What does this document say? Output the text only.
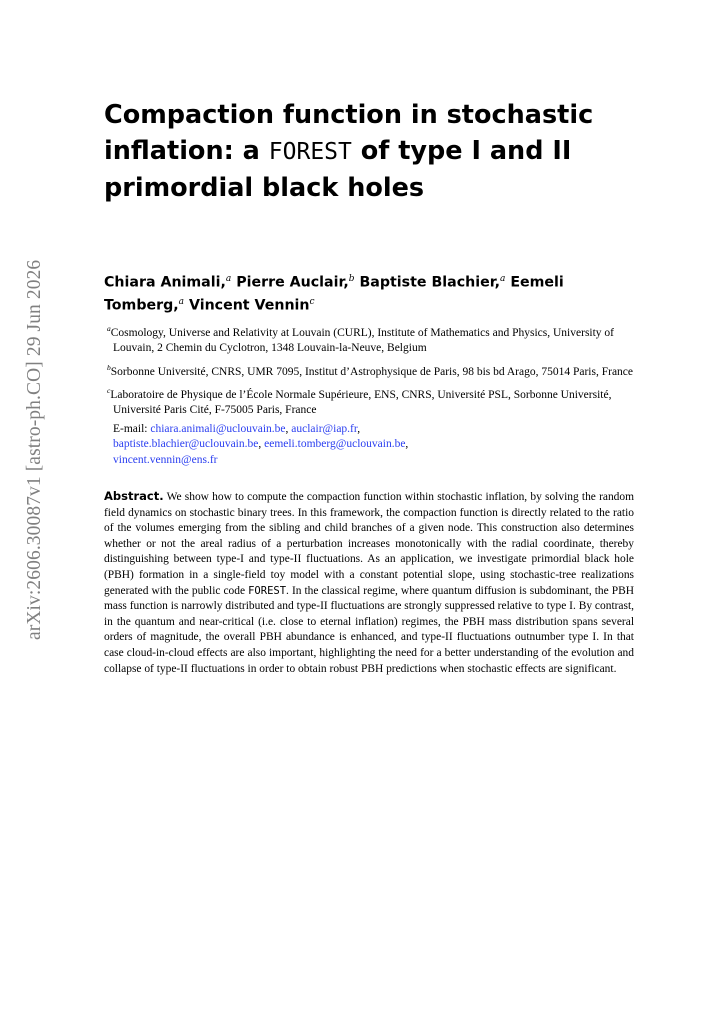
arXiv:2606.30087v1 [astro-ph.CO] 29 Jun 2026
Compaction function in stochastic inflation: a FOREST of type I and II primordial black holes
Chiara Animali,$^a$ Pierre Auclair,$^b$ Baptiste Blachier,$^a$ Eemeli Tomberg,$^a$ Vincent Vennin$^c$

$^a$Cosmology, Universe and Relativity at Louvain (CURL), Institute of Mathematics and Physics, University of Louvain, 2 Chemin du Cyclotron, 1348 Louvain-la-Neuve, Belgium

$^b$Sorbonne Université, CNRS, UMR 7095, Institut d’Astrophysique de Paris, 98 bis bd Arago, 75014 Paris, France

$^c$Laboratoire de Physique de l’École Normale Supérieure, ENS, CNRS, Université PSL, Sorbonne Université, Université Paris Cité, F-75005 Paris, France

E-mail: chiara.animali@uclouvain.be, auclair@iap.fr,
baptiste.blachier@uclouvain.be, eemeli.tomberg@uclouvain.be,
vincent.vennin@ens.fr

Abstract. We show how to compute the compaction function within stochastic inflation, by solving the random field dynamics on stochastic binary trees. In this framework, the compaction function is directly related to the ratio of the volumes emerging from the sibling and child branches of a given node. This construction also determines whether or not the areal radius of a perturbation increases monotonically with the radial coordinate, thereby distinguishing between type-I and type-II fluctuations. As an application, we investigate primordial black hole (PBH) formation in a single-field toy model with a constant potential slope, using stochastic-tree realizations generated with the public code FOREST. In the classical regime, where quantum diffusion is subdominant, the PBH mass function is narrowly distributed and type-II fluctuations are strongly suppressed relative to type I. By contrast, in the quantum and near-critical (i.e. close to eternal inflation) regimes, the PBH mass distribution spans several orders of magnitude, the overall PBH abundance is enhanced, and type-II fluctuations outnumber type I. In that case cloud-in-cloud effects are also important, highlighting the need for a better understanding of the evolution and collapse of type-II fluctuations in order to obtain robust PBH predictions when stochastic effects are significant.
